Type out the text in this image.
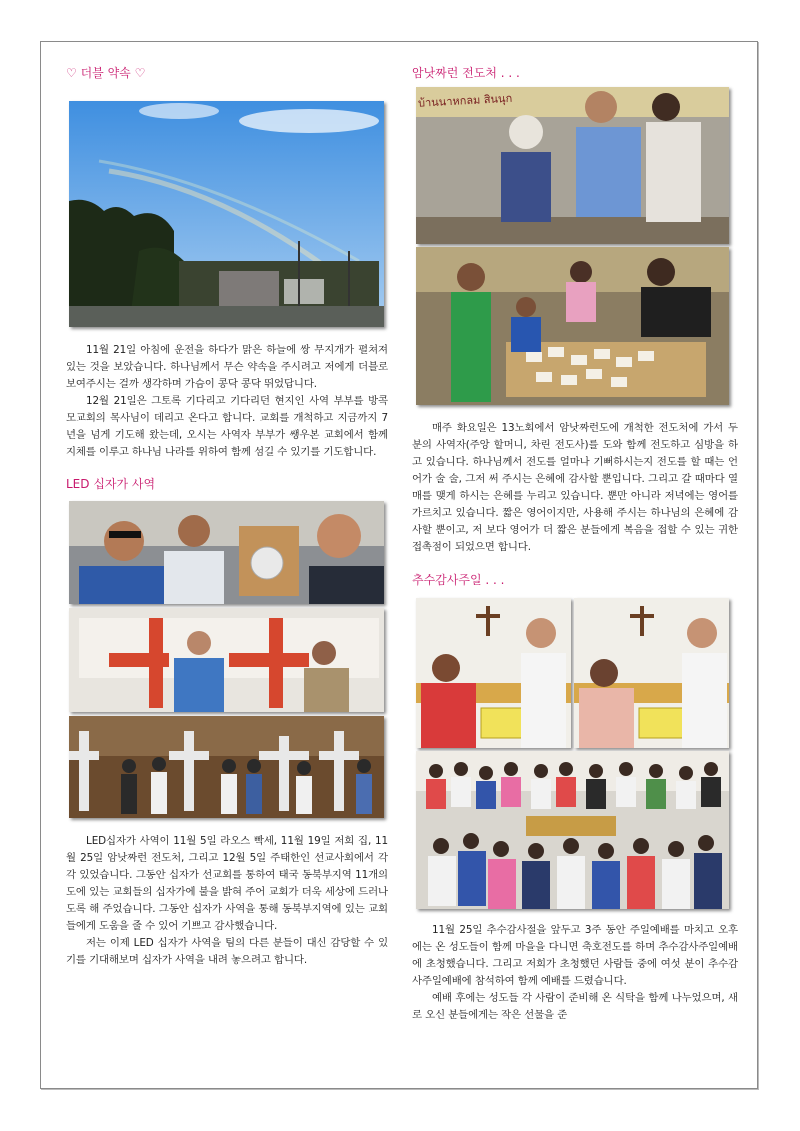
♡ 더블 약속 ♡

11월 21일 아침에 운전을 하다가 맑은 하늘에 쌍 무지개가 펼쳐져 있는 것을 보았습니다. 하나님께서 무슨 약속을 주시려고 저에게 더블로 보여주시는 걸까 생각하며 가슴이 콩닥 콩닥 뛰었답니다.

12월 21일은 그토록 기다리고 기다리던 현지인 사역 부부를 방콕 모교회의 목사님이 데리고 온다고 합니다. 교회를 개척하고 지금까지 7년을 넘게 기도해 왔는데, 오시는 사역자 부부가 쌩우본 교회에서 함께 지체를 이루고 하나님 나라를 위하여 함께 섬길 수 있기를 기도합니다.

LED 십자가 사역

LED십자가 사역이 11월 5일 라오스 빡세, 11월 19일 저희 집, 11월 25일 암낫짜런 전도처, 그리고 12월 5일 주태한인 선교사회에서 각각 있었습니다. 그동안 십자가 선교회를 통하여 태국 동북부지역 11개의 도에 있는 교회들의 십자가에 불을 밝혀 주어 교회가 더욱 세상에 드러나도록 해 주었습니다. 그동안 십자가 사역을 통해 동북부지역에 있는 교회들에게 도움을 줄 수 있어 기쁘고 감사했습니다.

저는 이제 LED 십자가 사역을 팀의 다른 분들이 대신 감당할 수 있기를 기대해보며 십자가 사역을 내려 놓으려고 합니다.

암낫짜런 전도처 . . .
บ้านนาหกลม สินนุก

매주 화요일은 13노회에서 암낫짜런도에 개척한 전도처에 가서 두 분의 사역자(주앙 할머니, 차린 전도사)를 도와 함께 전도하고 심방을 하고 있습니다. 하나님께서 전도를 얼마나 기뻐하시는지 전도를 할 때는 언어가 술 술, 그저 써 주시는 은혜에 감사할 뿐입니다. 그리고 갈 때마다 열매를 맺게 하시는 은혜를 누리고 있습니다. 뿐만 아니라 저녁에는 영어를 가르치고 있습니다. 짧은 영어이지만, 사용해 주시는 하나님의 은혜에 감사할 뿐이고, 저 보다 영어가 더 짧은 분들에게 복음을 접할 수 있는 귀한 접촉점이 되었으면 합니다.

추수감사주일 . . .

11월 25일 추수감사절을 앞두고 3주 동안 주일예배를 마치고 오후에는 온 성도들이 함께 마을을 다니면 축호전도를 하며 추수감사주일예배에 초청했습니다. 그리고 저희가 초청했던 사람들 중에 여섯 분이 추수감사주일예배에 참석하여 함께 예배를 드렸습니다.

예배 후에는 성도들 각 사람이 준비해 온 식탁을 함께 나누었으며, 새로 오신 분들에게는 작은 선물을 준
